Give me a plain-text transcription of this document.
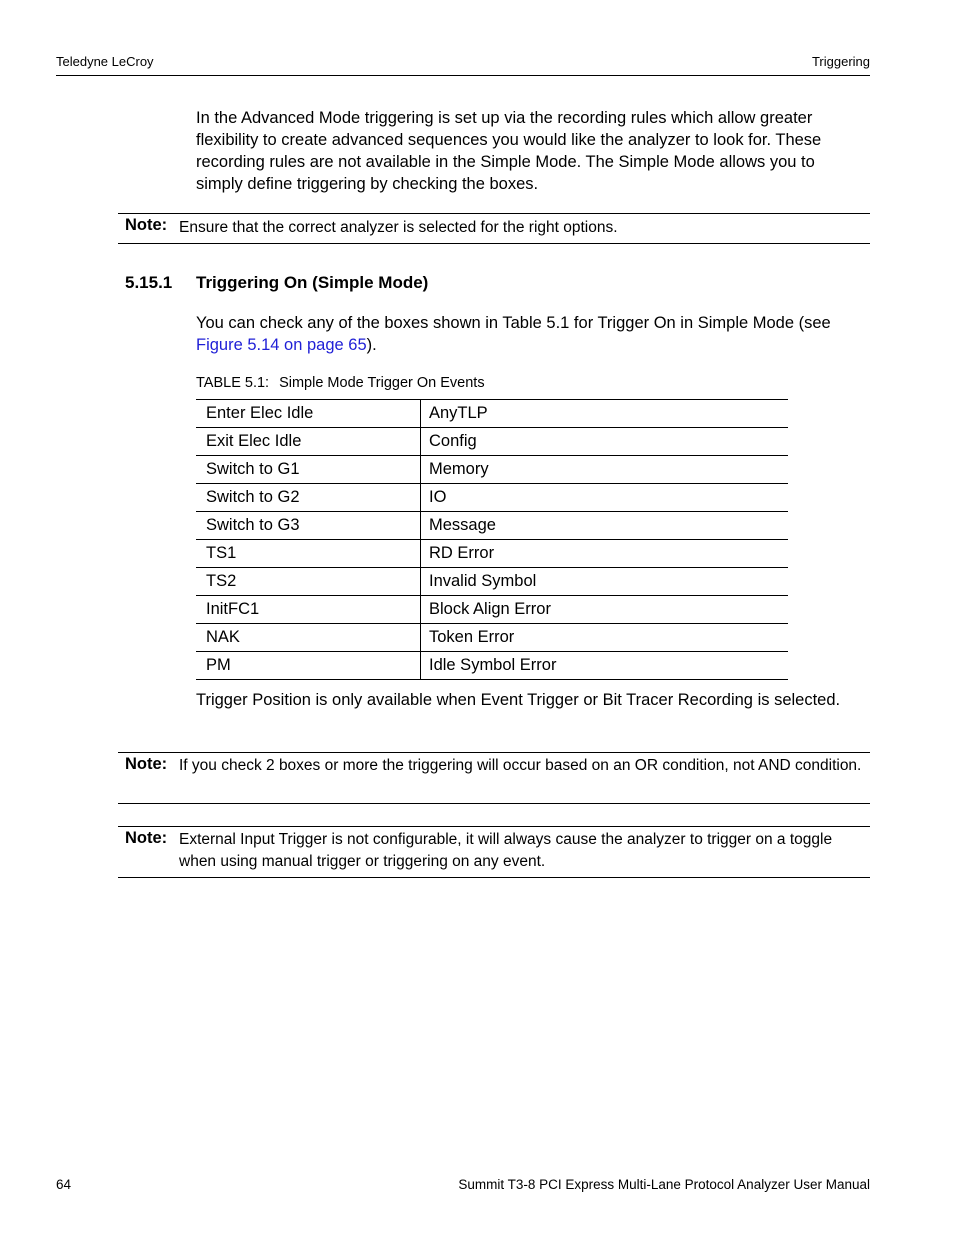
Teledyne LeCroy	Triggering
In the Advanced Mode triggering is set up via the recording rules which allow greater flexibility to create advanced sequences you would like the analyzer to look for. These recording rules are not available in the Simple Mode. The Simple Mode allows you to simply define triggering by checking the boxes.
Note: Ensure that the correct analyzer is selected for the right options.
5.15.1 Triggering On (Simple Mode)
You can check any of the boxes shown in Table 5.1 for Trigger On in Simple Mode (see Figure 5.14 on page 65).
TABLE 5.1: Simple Mode Trigger On Events
Enter Elec Idle	AnyTLP
Exit Elec Idle	Config
Switch to G1	Memory
Switch to G2	IO
Switch to G3	Message
TS1	RD Error
TS2	Invalid Symbol
InitFC1	Block Align Error
NAK	Token Error
PM	Idle Symbol Error
Trigger Position is only available when Event Trigger or Bit Tracer Recording is selected.
Note: If you check 2 boxes or more the triggering will occur based on an OR condition, not AND condition.
Note: External Input Trigger is not configurable, it will always cause the analyzer to trigger on a toggle when using manual trigger or triggering on any event.
64	Summit T3-8 PCI Express Multi-Lane Protocol Analyzer User Manual
